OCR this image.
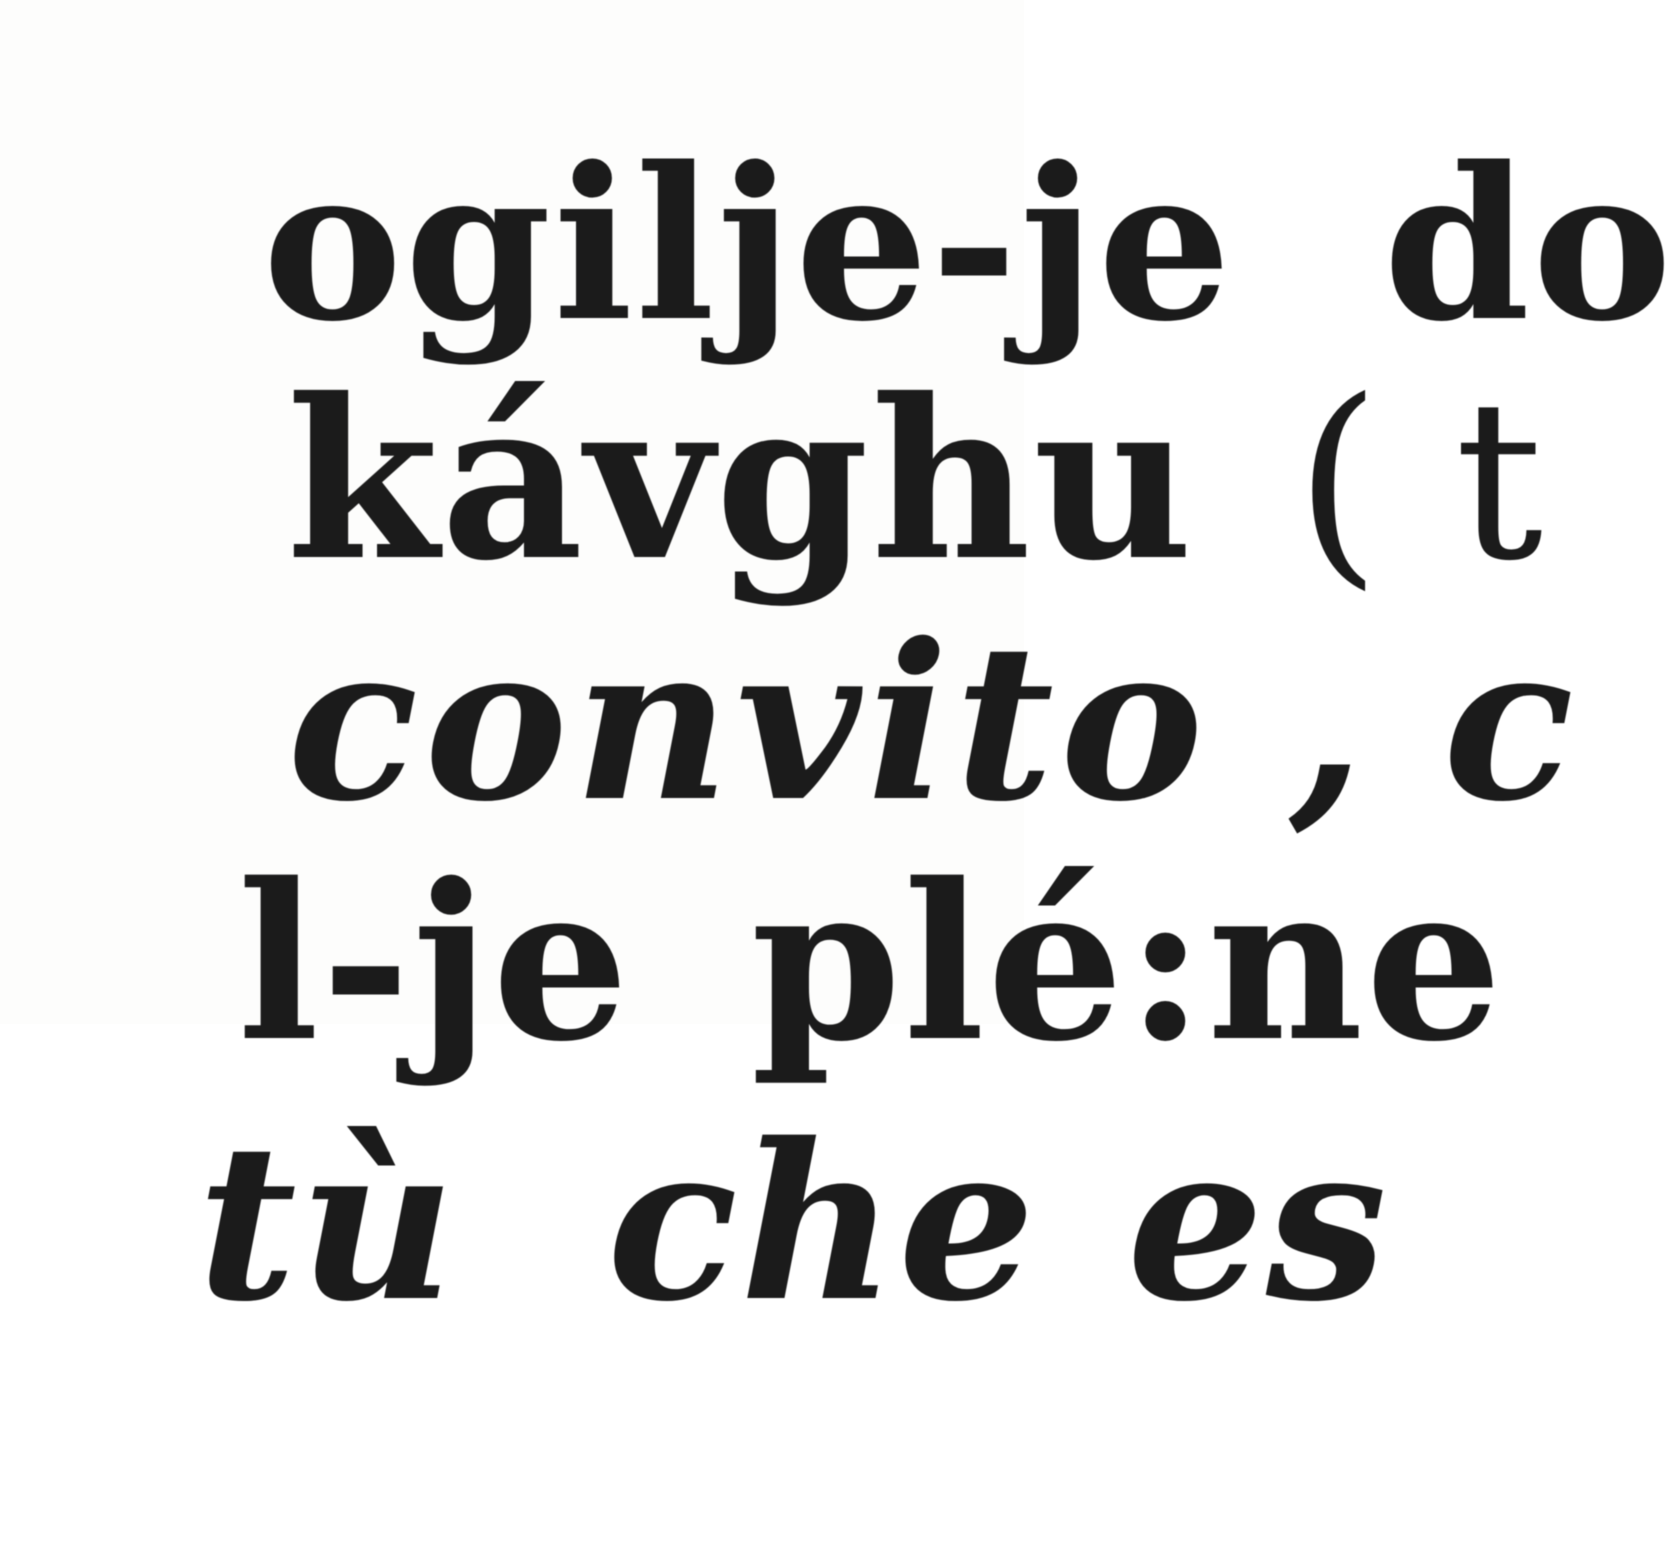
ogilje-je do

kávghu ( t

convito , c

l-je plé:ne

tù che es
